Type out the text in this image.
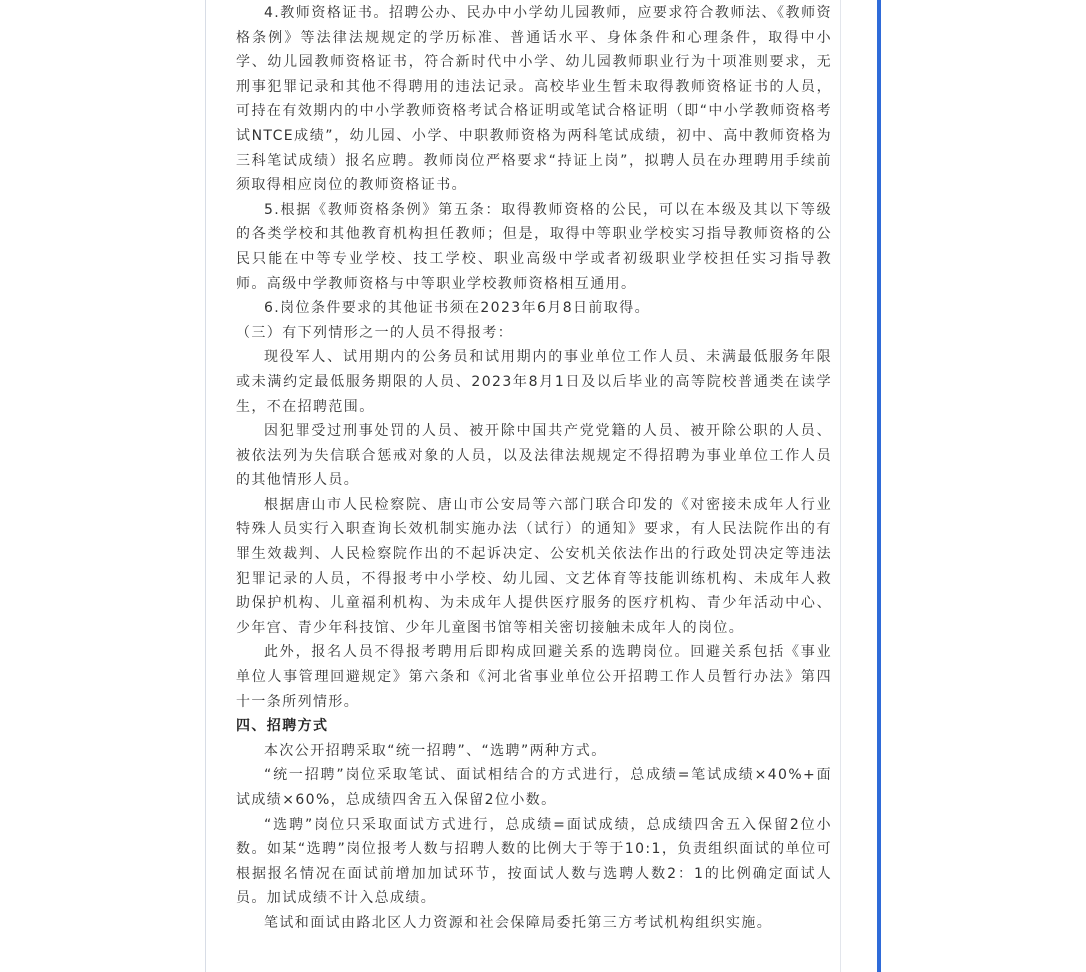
4.教师资格证书。招聘公办、民办中小学幼儿园教师，应要求符合教师法、《教师资格条例》等法律法规规定的学历标准、普通话水平、身体条件和心理条件，取得中小学、幼儿园教师资格证书，符合新时代中小学、幼儿园教师职业行为十项准则要求，无刑事犯罪记录和其他不得聘用的违法记录。高校毕业生暂未取得教师资格证书的人员，可持在有效期内的中小学教师资格考试合格证明或笔试合格证明（即“中小学教师资格考试NTCE成绩”，幼儿园、小学、中职教师资格为两科笔试成绩，初中、高中教师资格为三科笔试成绩）报名应聘。教师岗位严格要求“持证上岗”，拟聘人员在办理聘用手续前须取得相应岗位的教师资格证书。

5.根据《教师资格条例》第五条：取得教师资格的公民，可以在本级及其以下等级的各类学校和其他教育机构担任教师；但是，取得中等职业学校实习指导教师资格的公民只能在中等专业学校、技工学校、职业高级中学或者初级职业学校担任实习指导教师。高级中学教师资格与中等职业学校教师资格相互通用。

6.岗位条件要求的其他证书须在2023年6月8日前取得。

（三）有下列情形之一的人员不得报考：

现役军人、试用期内的公务员和试用期内的事业单位工作人员、未满最低服务年限或未满约定最低服务期限的人员、2023年8月1日及以后毕业的高等院校普通类在读学生，不在招聘范围。

因犯罪受过刑事处罚的人员、被开除中国共产党党籍的人员、被开除公职的人员、被依法列为失信联合惩戒对象的人员，以及法律法规规定不得招聘为事业单位工作人员的其他情形人员。

根据唐山市人民检察院、唐山市公安局等六部门联合印发的《对密接未成年人行业特殊人员实行入职查询长效机制实施办法（试行）的通知》要求，有人民法院作出的有罪生效裁判、人民检察院作出的不起诉决定、公安机关依法作出的行政处罚决定等违法犯罪记录的人员，不得报考中小学校、幼儿园、文艺体育等技能训练机构、未成年人救助保护机构、儿童福利机构、为未成年人提供医疗服务的医疗机构、青少年活动中心、少年宫、青少年科技馆、少年儿童图书馆等相关密切接触未成年人的岗位。

此外，报名人员不得报考聘用后即构成回避关系的选聘岗位。回避关系包括《事业单位人事管理回避规定》第六条和《河北省事业单位公开招聘工作人员暂行办法》第四十一条所列情形。

四、招聘方式

本次公开招聘采取“统一招聘”、“选聘”两种方式。

“统一招聘”岗位采取笔试、面试相结合的方式进行，总成绩=笔试成绩×40%+面试成绩×60%，总成绩四舍五入保留2位小数。

“选聘”岗位只采取面试方式进行，总成绩=面试成绩，总成绩四舍五入保留2位小数。如某“选聘”岗位报考人数与招聘人数的比例大于等于10:1，负责组织面试的单位可根据报名情况在面试前增加加试环节，按面试人数与选聘人数2：1的比例确定面试人员。加试成绩不计入总成绩。

笔试和面试由路北区人力资源和社会保障局委托第三方考试机构组织实施。
